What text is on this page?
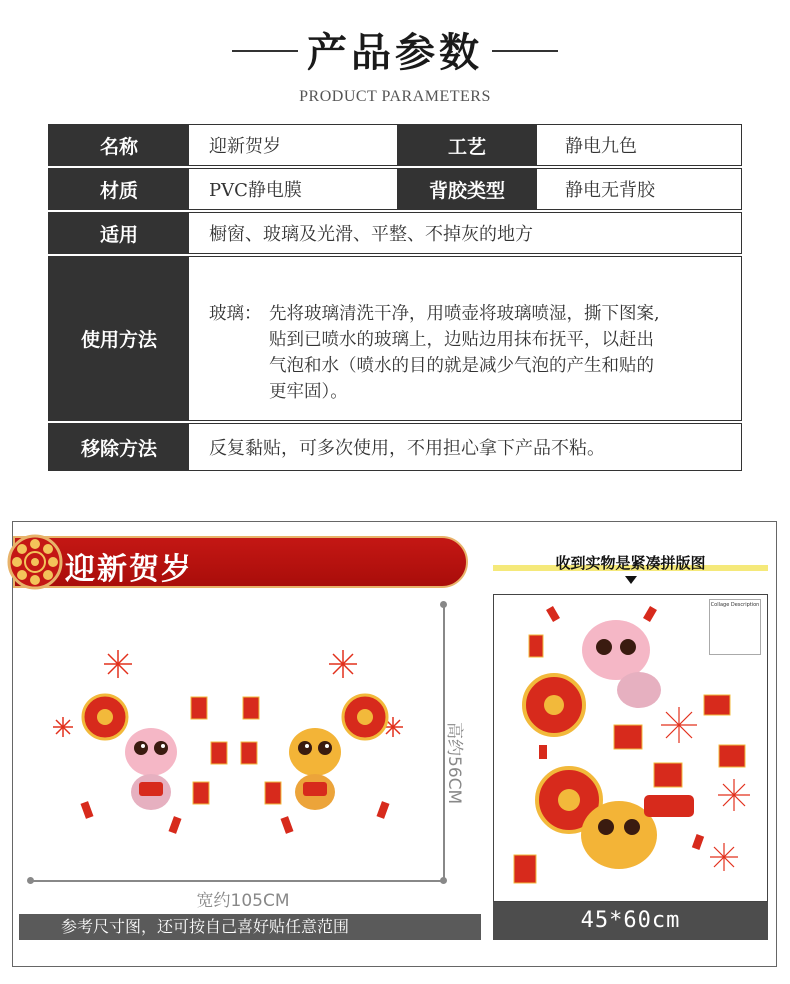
产品参数
PRODUCT PARAMETERS
名称	迎新贺岁	工艺	静电九色
材质	PVC静电膜	背胶类型	静电无背胶
适用	橱窗、玻璃及光滑、平整、不掉灰的地方
使用方法
玻璃： 先将玻璃清洗干净，用喷壶将玻璃喷湿，撕下图案,
贴到已喷水的玻璃上，边贴边用抹布抚平，以赶出
气泡和水（喷水的目的就是减少气泡的产生和贴的
更牢固）。
移除方法	反复黏贴，可多次使用，不用担心拿下产品不粘。
迎新贺岁
宽约105CM
高约56CM
参考尺寸图，还可按自己喜好贴任意范围
收到实物是紧凑拼版图
Collage Description
45*60cm
